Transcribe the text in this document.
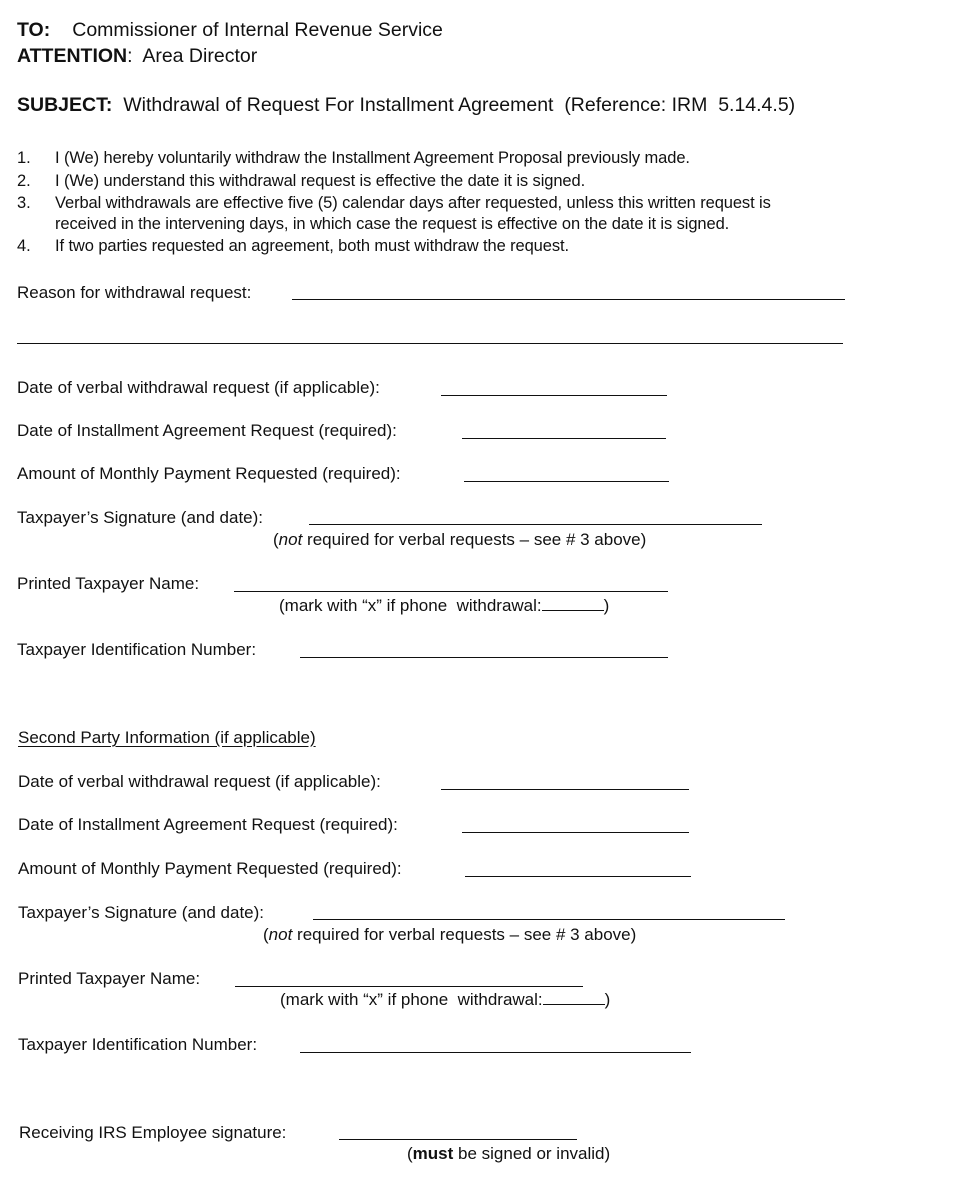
TO: Commissioner of Internal Revenue Service
ATTENTION: Area Director
SUBJECT: Withdrawal of Request For Installment Agreement  (Reference: IRM  5.14.4.5)
1. I (We) hereby voluntarily withdraw the Installment Agreement Proposal previously made.
2. I (We) understand this withdrawal request is effective the date it is signed.
3. Verbal withdrawals are effective five (5) calendar days after requested, unless this written request is
received in the intervening days, in which case the request is effective on the date it is signed.
4. If two parties requested an agreement, both must withdraw the request.
Reason for withdrawal request:
Date of verbal withdrawal request (if applicable):
Date of Installment Agreement Request (required):
Amount of Monthly Payment Requested (required):
Taxpayer’s Signature (and date):
(not required for verbal requests – see # 3 above)
Printed Taxpayer Name:
(mark with “x” if phone  withdrawal:	)
Taxpayer Identification Number:
Second Party Information (if applicable)
Date of verbal withdrawal request (if applicable):
Date of Installment Agreement Request (required):
Amount of Monthly Payment Requested (required):
Taxpayer’s Signature (and date):
(not required for verbal requests – see # 3 above)
Printed Taxpayer Name:
(mark with “x” if phone  withdrawal:	)
Taxpayer Identification Number:
Receiving IRS Employee signature:
(must be signed or invalid)
